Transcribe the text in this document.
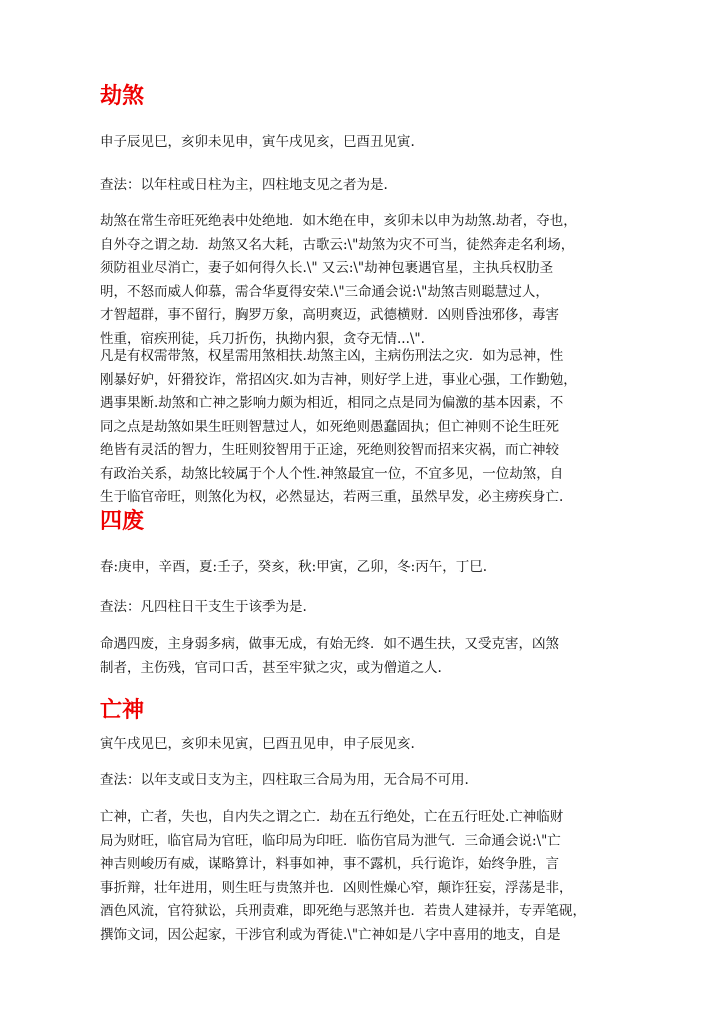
劫煞

申子辰见巳，亥卯未见申，寅午戌见亥，巳酉丑见寅.

查法：以年柱或日柱为主，四柱地支见之者为是.

劫煞在常生帝旺死绝表中处绝地．如木绝在申，亥卯未以申为劫煞.劫者，夺也，
自外夺之谓之劫．劫煞又名大耗，古歌云:\"劫煞为灾不可当，徒然奔走名利场，
须防祖业尽消亡，妻子如何得久长.\" 又云:\"劫神包裹遇官星，主执兵权肋圣
明，不怒而威人仰慕，需合华夏得安荣.\"三命通会说:\"劫煞吉则聪慧过人，
才智超群，事不留行，胸罗万象，高明爽迈，武德横财．凶则昏浊邪侈，毒害
性重，宿疾刑徒，兵刀折伤，执拗内狠，贪夺无情...\".

凡是有权需带煞，权星需用煞相扶.劫煞主凶，主病伤刑法之灾．如为忌神，性
刚暴好妒，奸猾狡诈，常招凶灾.如为吉神，则好学上进，事业心强，工作勤勉，
遇事果断.劫煞和亡神之影响力颇为相近，相同之点是同为偏激的基本因素，不
同之点是劫煞如果生旺则智慧过人，如死绝则愚蠢固执；但亡神则不论生旺死
绝皆有灵活的智力，生旺则狡智用于正途，死绝则狡智而招来灾祸，而亡神较
有政治关系，劫煞比较属于个人个性.神煞最宜一位，不宜多见，一位劫煞，自
生于临官帝旺，则煞化为权，必然显达，若两三重，虽然早发，必主痨疾身亡.

四废

春:庚申，辛酉，夏:壬子，癸亥，秋:甲寅，乙卯，冬:丙午，丁巳.

查法：凡四柱日干支生于该季为是.

命遇四废，主身弱多病，做事无成，有始无终．如不遇生扶，又受克害，凶煞
制者，主伤残，官司口舌，甚至牢狱之灾，或为僧道之人.

亡神

寅午戌见巳，亥卯未见寅，巳酉丑见申，申子辰见亥.

查法：以年支或日支为主，四柱取三合局为用，无合局不可用.

亡神，亡者，失也，自内失之谓之亡．劫在五行绝处，亡在五行旺处.亡神临财
局为财旺，临官局为官旺，临印局为印旺．临伤官局为泄气．三命通会说:\"亡
神吉则峻历有威，谋略算计，料事如神，事不露机，兵行诡诈，始终争胜，言
事折辩，壮年进用，则生旺与贵煞并也．凶则性燥心窄，颠诈狂妄，浮荡是非，
酒色风流，官符狱讼，兵刑责难，即死绝与恶煞并也．若贵人建禄并，专弄笔砚，
撰饰文词，因公起家，干涉官利或为胥徒.\"亡神如是八字中喜用的地支，自是
